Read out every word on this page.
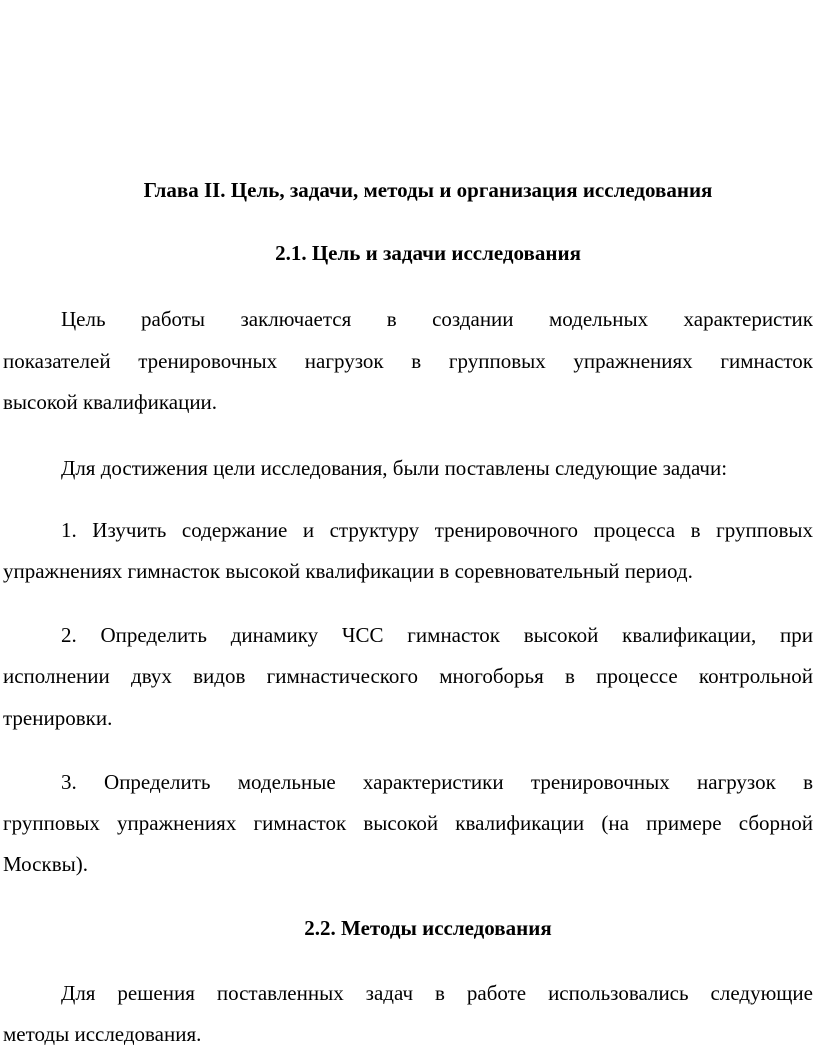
Глава II. Цель, задачи, методы и организация исследования
2.1. Цель и задачи исследования
Цель работы заключается в создании модельных характеристик
показателей тренировочных нагрузок в групповых упражнениях гимнасток
высокой квалификации.
Для достижения цели исследования, были поставлены следующие задачи:
1. Изучить содержание и структуру тренировочного процесса в групповых
упражнениях гимнасток высокой квалификации в соревновательный период.
2. Определить динамику ЧСС гимнасток высокой квалификации, при
исполнении двух видов гимнастического многоборья в процессе контрольной
тренировки.
3. Определить модельные характеристики тренировочных нагрузок в
групповых упражнениях гимнасток высокой квалификации (на примере сборной
Москвы).
2.2. Методы исследования
Для решения поставленных задач в работе использовались следующие
методы исследования.
